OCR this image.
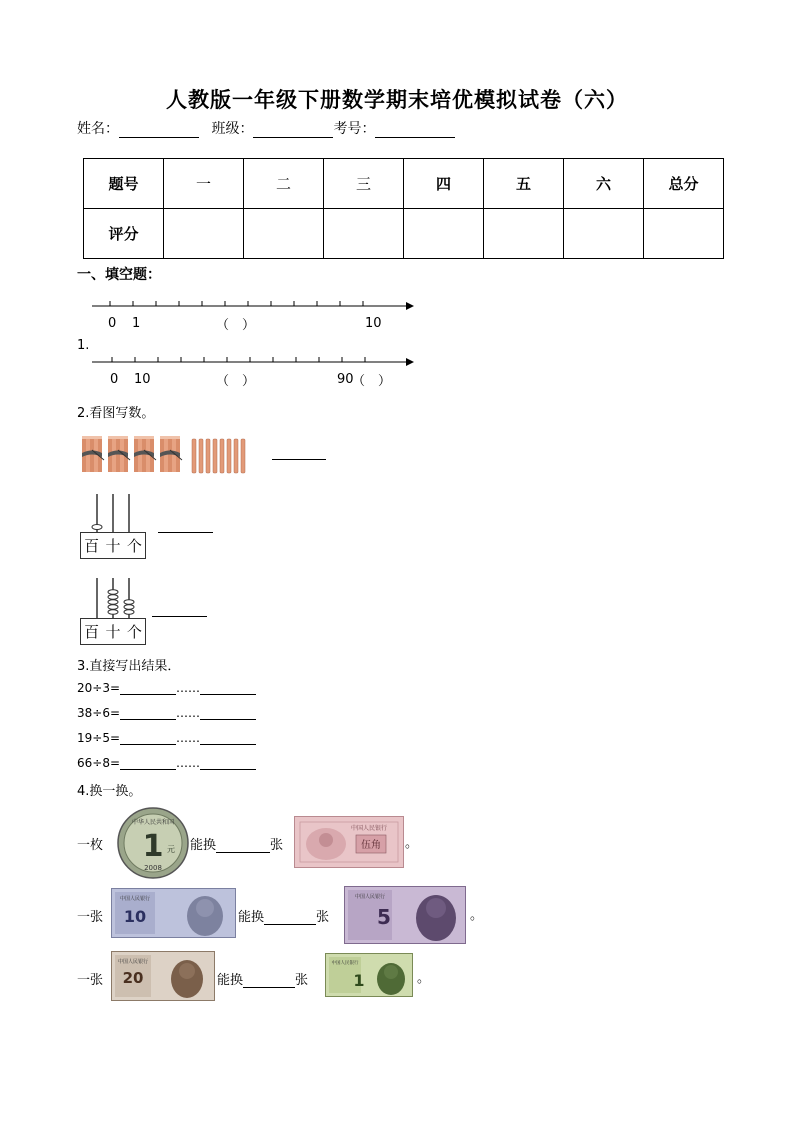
人教版一年级下册数学期末培优模拟试卷（六）
姓名：	班级：	考号：
题号	一	二	三	四	五	六	总分
评分							
一、填空题：
0 1	（　）	10
1.
0 10	（　）	90
（　）
2.看图写数。
百 十 个
百 十 个
3.直接写出结果．
20÷3=	……
38÷6=	……
19÷5=	……
66÷8=	……
4.换一换。
一枚
中华人民共和国
1 元
2008
能换	张
中国人民银行
伍角 。
一张
中国人民银行
10	能换	张
中国人民银行
5	。
一张
中国人民银行
20	能换	张
中国人民银行
1	。
